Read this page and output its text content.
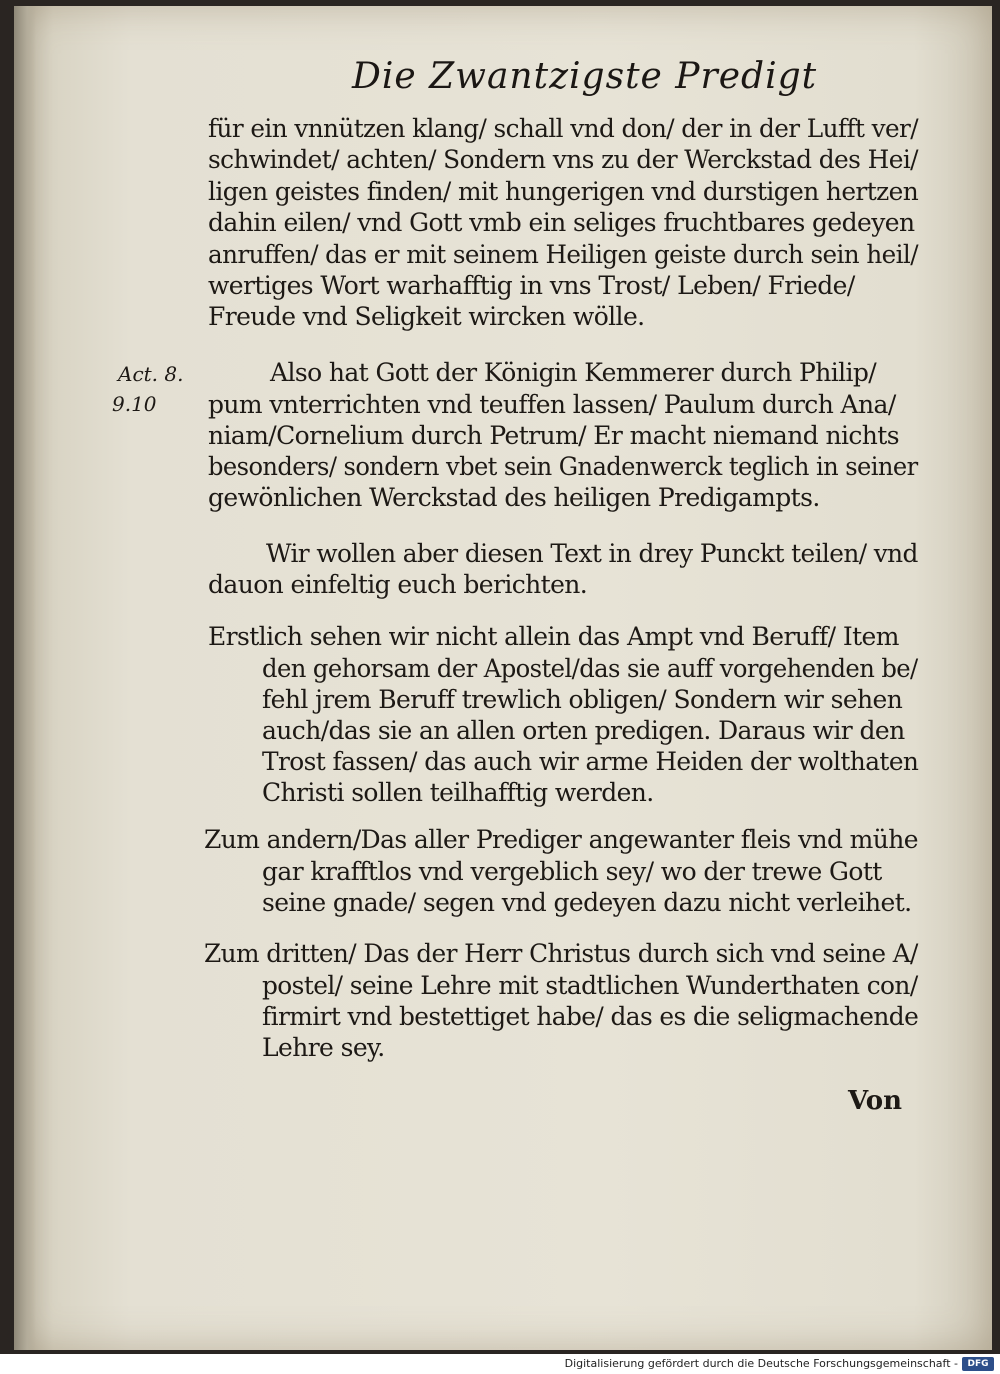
Die Zwantzigste Predigt
für ein vnnützen klang/ schall vnd don/ der in der Lufft ver/
schwindet/ achten/ Sondern vns zu der Werckstad des Hei/
ligen geistes finden/ mit hungerigen vnd durstigen hertzen
dahin eilen/ vnd Gott vmb ein seliges fruchtbares gedeyen
anruffen/ das er mit seinem Heiligen geiste durch sein heil/
wertiges Wort warhafftig in vns Trost/ Leben/ Friede/
Freude vnd Seligkeit wircken wölle.
Act. 8.
9.10
Also hat Gott der Königin Kemmerer durch Philip/
pum vnterrichten vnd teuffen lassen/ Paulum durch Ana/
niam/Cornelium durch Petrum/ Er macht niemand nichts
besonders/ sondern vbet sein Gnadenwerck teglich in seiner
gewönlichen Werckstad des heiligen Predigampts.
Wir wollen aber diesen Text in drey Punckt teilen/ vnd
dauon einfeltig euch berichten.
Erstlich sehen wir nicht allein das Ampt vnd Beruff/ Item
den gehorsam der Apostel/das sie auff vorgehenden be/
fehl jrem Beruff trewlich obligen/ Sondern wir sehen
auch/das sie an allen orten predigen. Daraus wir den
Trost fassen/ das auch wir arme Heiden der wolthaten
Christi sollen teilhafftig werden.
Zum andern/Das aller Prediger angewanter fleis vnd mühe
gar krafftlos vnd vergeblich sey/ wo der trewe Gott
seine gnade/ segen vnd gedeyen dazu nicht verleihet.
Zum dritten/ Das der Herr Christus durch sich vnd seine A/
postel/ seine Lehre mit stadtlichen Wunderthaten con/
firmirt vnd bestettiget habe/ das es die seligmachende
Lehre sey.
Von
Digitalisierung gefördert durch die Deutsche Forschungsgemeinschaft -	DFG
